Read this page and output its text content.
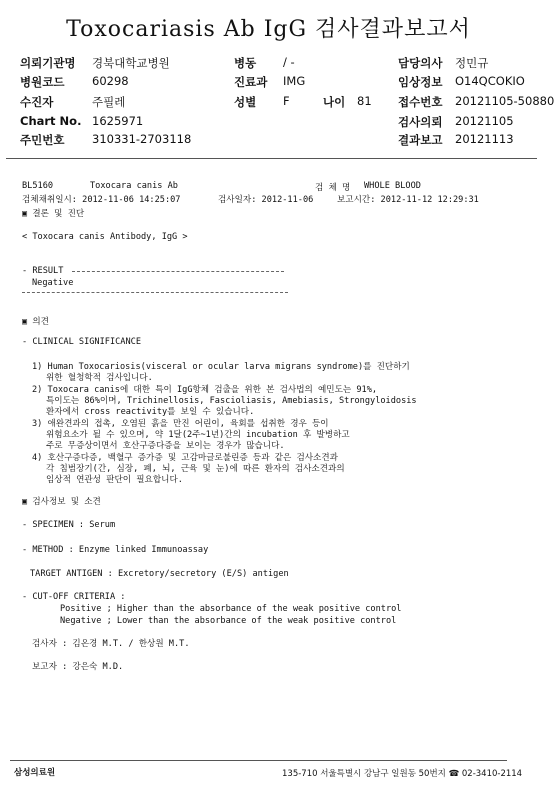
Toxocariasis Ab IgG 검사결과보고서
의뢰기관명 경북대학교병원	병동 / -	담당의사 정민규
병원코드 60298	진료과 IMG	임상정보 O14QCOKIO
수진자	주필레	성별 F	나이 81 접수번호 20121105-50880
Chart No. 1625971	검사의뢰 20121105
주민번호 310331-2703118	결과보고 20121113
BL5160	Toxocara canis Ab	검 체 명 WHOLE BLOOD
검체채취일시: 2012-11-06 14:25:07	검사일자: 2012-11-06	보고시간: 2012-11-12 12:29:31
▣ 결론 및 진단
< Toxocara canis Antibody, IgG >
- RESULT
Negative
▣ 의견
- CLINICAL SIGNIFICANCE
1) Human Toxocariosis(visceral or ocular larva migrans syndrome)를 진단하기
위한 혈청학적 검사입니다.
2) Toxocara canis에 대한 특이 IgG항체 검출을 위한 본 검사법의 예민도는 91%,
특이도는 86%이며, Trichinellosis, Fascioliasis, Amebiasis, Strongyloidosis
환자에서 cross reactivity를 보일 수 있습니다.
3) 애완견과의 접촉, 오염된 흙을 만진 어린이, 육회를 섭취한 경우 등이
위험요소가 될 수 있으며, 약 1달(2주~1년)간의 incubation 후 발병하고
주로 무증상이면서 호산구증다증을 보이는 경우가 많습니다.
4) 호산구증다증, 백혈구 증가증 및 고감마글로불린증 등과 같은 검사소견과
각 침범장기(간, 심장, 폐, 뇌, 근육 및 눈)에 따른 환자의 검사소견과의
임상적 연관성 판단이 필요합니다.
▣ 검사정보 및 소견
- SPECIMEN : Serum
- METHOD : Enzyme linked Immunoassay
TARGET ANTIGEN : Excretory/secretory (E/S) antigen
- CUT-OFF CRITERIA :
Positive ; Higher than the absorbance of the weak positive control
Negative ; Lower than the absorbance of the weak positive control
검사자 : 김온경 M.T. / 한상원 M.T.
보고자 : 강은숙 M.D.
삼성의료원	135-710 서울특별시 강남구 일원동 50번지 ☎ 02-3410-2114
